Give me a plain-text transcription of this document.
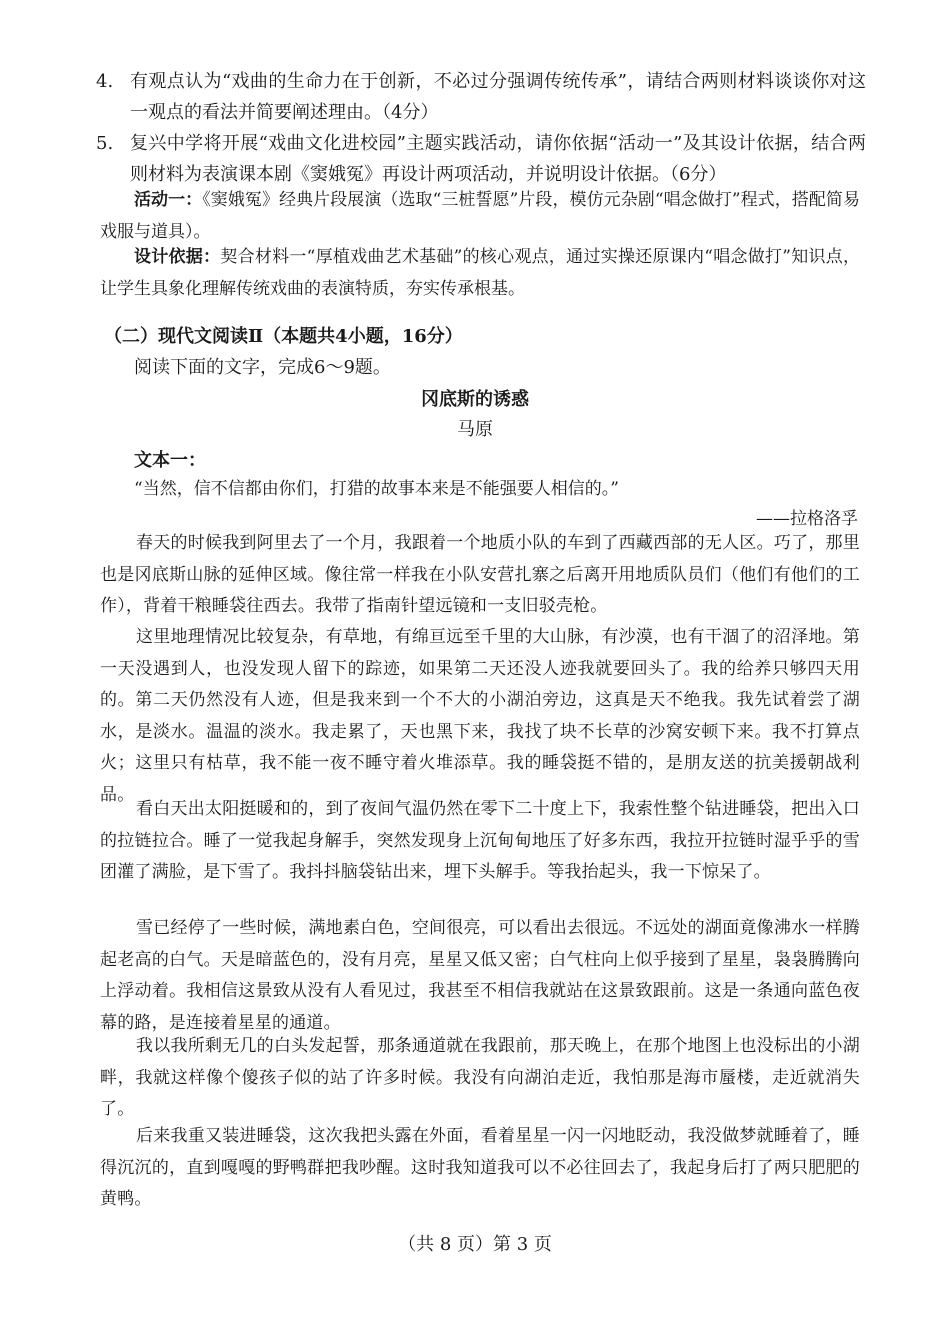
4. 有观点认为“戏曲的生命力在于创新，不必过分强调传统传承”，请结合两则材料谈谈你对这一观点的看法并简要阐述理由。（4分）
5. 复兴中学将开展“戏曲文化进校园”主题实践活动，请你依据“活动一”及其设计依据，结合两则材料为表演课本剧《窦娥冤》再设计两项活动，并说明设计依据。（6分）
活动一：《窦娥冤》经典片段展演（选取“三桩誓愿”片段，模仿元杂剧“唱念做打”程式，搭配简易戏服与道具）。
设计依据：契合材料一“厚植戏曲艺术基础”的核心观点，通过实操还原课内“唱念做打”知识点，让学生具象化理解传统戏曲的表演特质，夯实传承根基。
（二）现代文阅读Ⅱ（本题共4小题，16分）
阅读下面的文字，完成6～9题。
冈底斯的诱惑
马原
文本一：
“当然，信不信都由你们，打猎的故事本来是不能强要人相信的。”
——拉格洛孚
春天的时候我到阿里去了一个月，我跟着一个地质小队的车到了西藏西部的无人区。巧了，那里也是冈底斯山脉的延伸区域。像往常一样我在小队安营扎寨之后离开用地质队员们（他们有他们的工作），背着干粮睡袋往西去。我带了指南针望远镜和一支旧驳壳枪。
这里地理情况比较复杂，有草地，有绵亘远至千里的大山脉，有沙漠，也有干涸了的沼泽地。第一天没遇到人，也没发现人留下的踪迹，如果第二天还没人迹我就要回头了。我的给养只够四天用的。第二天仍然没有人迹，但是我来到一个不大的小湖泊旁边，这真是天不绝我。我先试着尝了湖水，是淡水。温温的淡水。我走累了，天也黑下来，我找了块不长草的沙窝安顿下来。我不打算点火；这里只有枯草，我不能一夜不睡守着火堆添草。我的睡袋挺不错的，是朋友送的抗美援朝战利品。
看白天出太阳挺暖和的，到了夜间气温仍然在零下二十度上下，我索性整个钻进睡袋，把出入口的拉链拉合。睡了一觉我起身解手，突然发现身上沉甸甸地压了好多东西，我拉开拉链时湿乎乎的雪团灌了满脸，是下雪了。我抖抖脑袋钻出来，埋下头解手。等我抬起头，我一下惊呆了。
雪已经停了一些时候，满地素白色，空间很亮，可以看出去很远。不远处的湖面竟像沸水一样腾起老高的白气。天是暗蓝色的，没有月亮，星星又低又密；白气柱向上似乎接到了星星，袅袅腾腾向上浮动着。我相信这景致从没有人看见过，我甚至不相信我就站在这景致跟前。这是一条通向蓝色夜幕的路，是连接着星星的通道。
我以我所剩无几的白头发起誓，那条通道就在我跟前，那天晚上，在那个地图上也没标出的小湖畔，我就这样像个傻孩子似的站了许多时候。我没有向湖泊走近，我怕那是海市蜃楼，走近就消失了。
后来我重又装进睡袋，这次我把头露在外面，看着星星一闪一闪地眨动，我没做梦就睡着了，睡得沉沉的，直到嘎嘎的野鸭群把我吵醒。这时我知道我可以不必往回去了，我起身后打了两只肥肥的黄鸭。
（共 8 页）第 3 页
